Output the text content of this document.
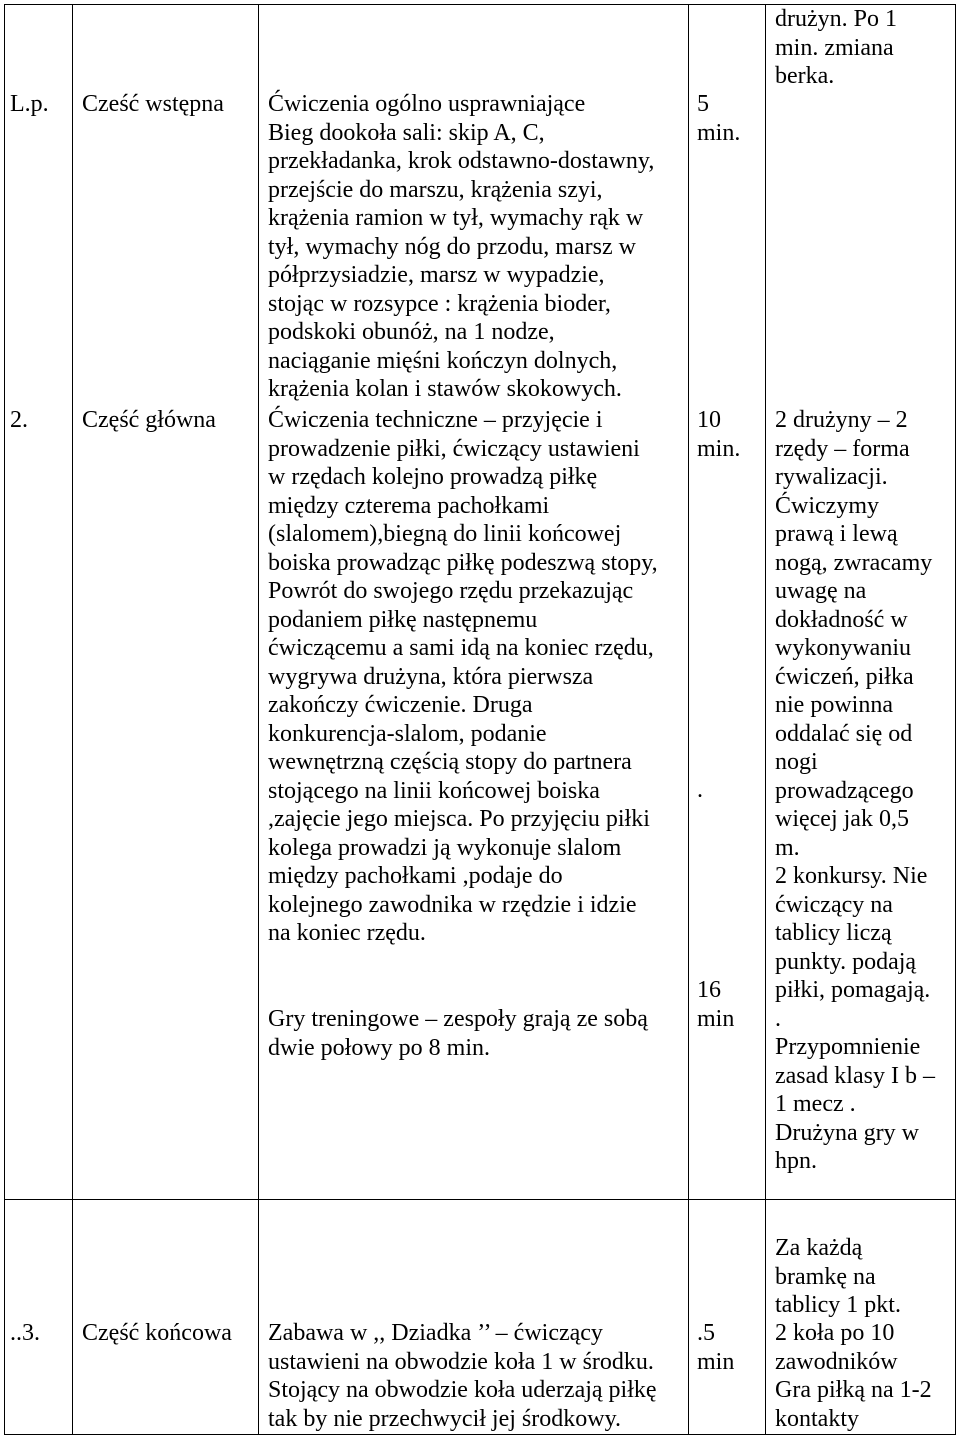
drużyn. Po 1
min. zmiana
berka.
L.p. Cześć wstępna Ćwiczenia ogólno usprawniające
Bieg dookoła sali: skip A, C,
przekładanka, krok odstawno-dostawny,
przejście do marszu, krążenia szyi,
krążenia ramion w tył, wymachy rąk w
tył, wymachy nóg do przodu, marsz w
półprzysiadzie, marsz w wypadzie,
stojąc w rozsypce : krążenia bioder,
podskoki obunóż, na 1 nodze,
naciąganie mięśni kończyn dolnych,
krążenia kolan i stawów skokowych.
5
min.
2. Część główna Ćwiczenia techniczne – przyjęcie i
prowadzenie piłki, ćwiczący ustawieni
w rzędach kolejno prowadzą piłkę
między czterema pachołkami
(slalomem),biegną do linii końcowej
boiska prowadząc piłkę podeszwą stopy,
Powrót do swojego rzędu przekazując
podaniem piłkę następnemu
ćwiczącemu a sami idą na koniec rzędu,
wygrywa drużyna, która pierwsza
zakończy ćwiczenie. Druga
konkurencja-slalom, podanie
wewnętrzną częścią stopy do partnera
stojącego na linii końcowej boiska
,zajęcie jego miejsca. Po przyjęciu piłki
kolega prowadzi ją wykonuje slalom
między pachołkami ,podaje do
kolejnego zawodnika w rzędzie i idzie
na koniec rzędu.
Gry treningowe – zespoły grają ze sobą
dwie połowy po 8 min.
10
min.
.
16
min
2 drużyny – 2
rzędy – forma
rywalizacji.
Ćwiczymy
prawą i lewą
nogą, zwracamy
uwagę na
dokładność w
wykonywaniu
ćwiczeń, piłka
nie powinna
oddalać się od
nogi
prowadzącego
więcej jak 0,5
m.
2 konkursy. Nie
ćwiczący na
tablicy liczą
punkty. podają
piłki, pomagają.
.
Przypomnienie
zasad klasy I b –
1 mecz .
Drużyna gry w
hpn.
Za każdą
bramkę na
tablicy 1 pkt.
..3. Część końcowa Zabawa w ,, Dziadka ’’ – ćwiczący
ustawieni na obwodzie koła 1 w środku.
Stojący na obwodzie koła uderzają piłkę
tak by nie przechwycił jej środkowy.
.5
min
2 koła po 10
zawodników
Gra piłką na 1-2
kontakty
